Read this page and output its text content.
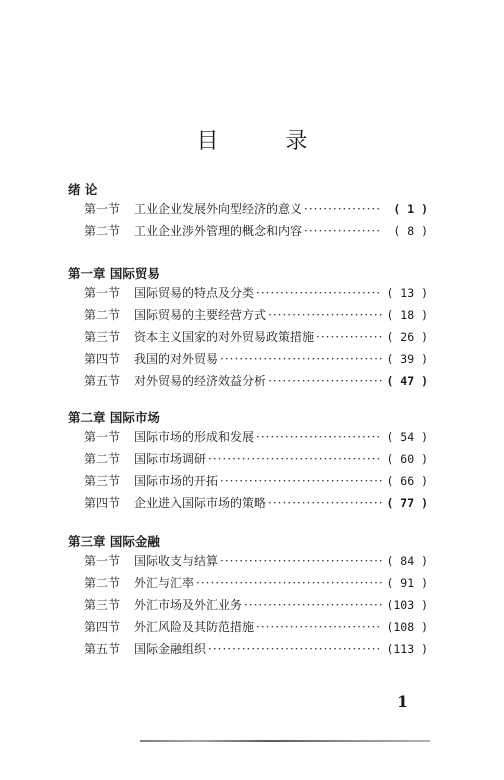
目 录
绪 论
第一节	工业企业发展外向型经济的意义 ·····	( 1 )
第二节	工业企业涉外管理的概念和内容 ·····	( 8 )
第一章 国际贸易
第一节	国际贸易的特点及分类 ·····	( 13 )
第二节	国际贸易的主要经营方式 ·····	( 18 )
第三节	资本主义国家的对外贸易政策措施 ·····	( 26 )
第四节	我国的对外贸易 ·····	( 39 )
第五节	对外贸易的经济效益分析 ·····	( 47 )
第二章 国际市场
第一节	国际市场的形成和发展 ·····	( 54 )
第二节	国际市场调研 ·····	( 60 )
第三节	国际市场的开拓 ·····	( 66 )
第四节	企业进入国际市场的策略 ·····	( 77 )
第三章 国际金融
第一节	国际收支与结算 ·····	( 84 )
第二节	外汇与汇率 ·····	( 91 )
第三节	外汇市场及外汇业务 ·····	(103 )
第四节	外汇风险及其防范措施 ·····	(108 )
第五节	国际金融组织 ·····	(113 )
1
